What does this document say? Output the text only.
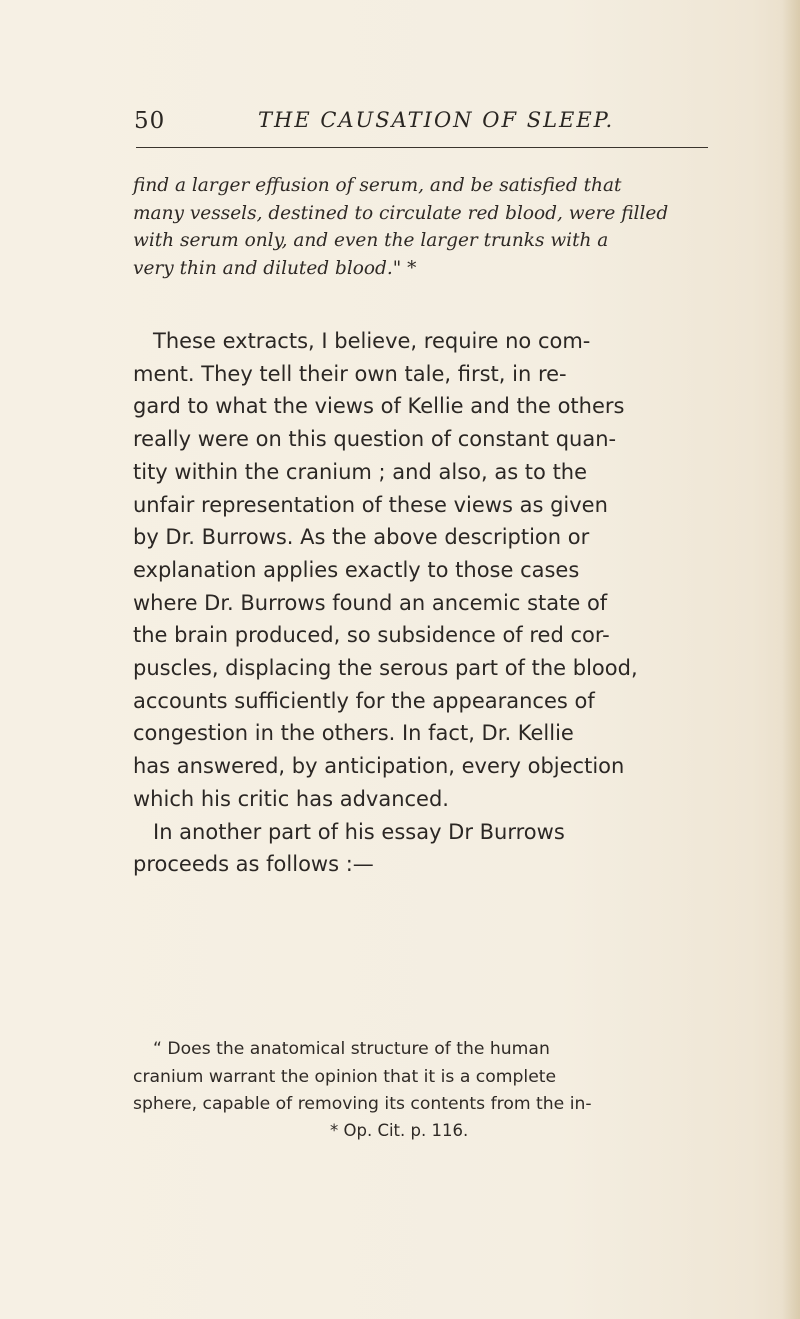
50	THE CAUSATION OF SLEEP.
find a larger effusion of serum, and be satisfied that
many vessels, destined to circulate red blood, were filled
with serum only, and even the larger trunks with a
very thin and diluted blood." *
These extracts, I believe, require no com-
ment. They tell their own tale, first, in re-
gard to what the views of Kellie and the others
really were on this question of constant quan-
tity within the cranium ; and also, as to the
unfair representation of these views as given
by Dr. Burrows. As the above description or
explanation applies exactly to those cases
where Dr. Burrows found an ancemic state of
the brain produced, so subsidence of red cor-
puscles, displacing the serous part of the blood,
accounts sufficiently for the appearances of
congestion in the others. In fact, Dr. Kellie
has answered, by anticipation, every objection
which his critic has advanced.
In another part of his essay Dr Burrows
proceeds as follows :—
“ Does the anatomical structure of the human
cranium warrant the opinion that it is a complete
sphere, capable of removing its contents from the in-
* Op. Cit. p. 116.
